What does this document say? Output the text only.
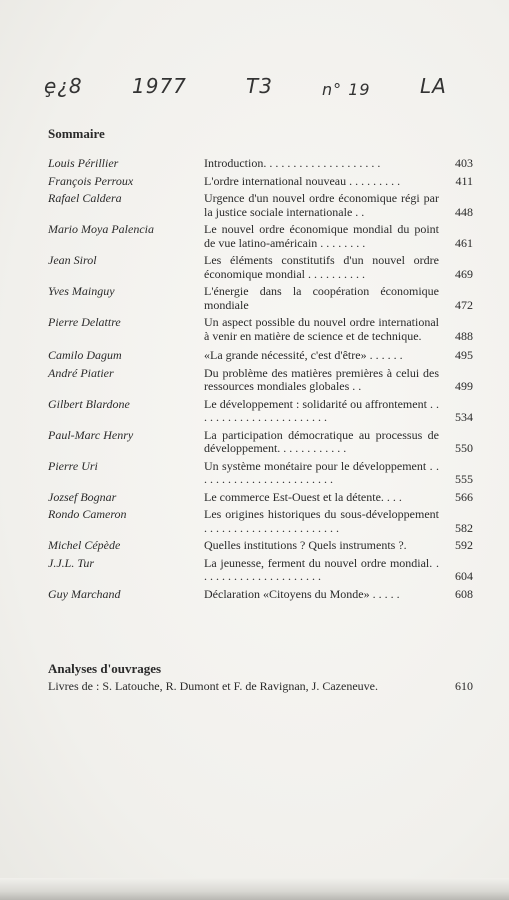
ȩ¿8 1977	T3	n° 19 LA
Sommaire
Louis Périllier	Introduction. . . . . . . . . . . . . . . . . . . .	403
François Perroux	L'ordre international nouveau . . . . . . . . .	411
Rafael Caldera	Urgence d'un nouvel ordre économique régi par la justice sociale internationale . .	448
Mario Moya Palencia	Le nouvel ordre économique mondial du point de vue latino-américain . . . . . . . .	461
Jean Sirol	Les éléments constitutifs d'un nouvel ordre économique mondial . . . . . . . . . .	469
Yves Mainguy	L'énergie dans la coopération économique mondiale	472
Pierre Delattre	Un aspect possible du nouvel ordre international à venir en matière de science et de technique.	488
Camilo Dagum	«La grande nécessité, c'est d'être» . . . . . .	495
André Piatier	Du problème des matières premières à celui des ressources mondiales globales . .	499
Gilbert Blardone	Le développement : solidarité ou affrontement . . . . . . . . . . . . . . . . . . . . . . .	534
Paul-Marc Henry	La participation démocratique au processus de développement. . . . . . . . . . . .	550
Pierre Uri	Un système monétaire pour le développement . . . . . . . . . . . . . . . . . . . . . . . .	555
Jozsef Bognar	Le commerce Est-Ouest et la détente. . . .	566
Rondo Cameron	Les origines historiques du sous-développement . . . . . . . . . . . . . . . . . . . . . . .	582
Michel Cépède	Quelles institutions ? Quels instruments ?.	592
J.J.L. Tur	La jeunesse, ferment du nouvel ordre mondial. . . . . . . . . . . . . . . . . . . . . .	604
Guy Marchand	Déclaration «Citoyens du Monde» . . . . .	608
Analyses d'ouvrages
Livres de : S. Latouche, R. Dumont et F. de Ravignan, J. Cazeneuve.	610
